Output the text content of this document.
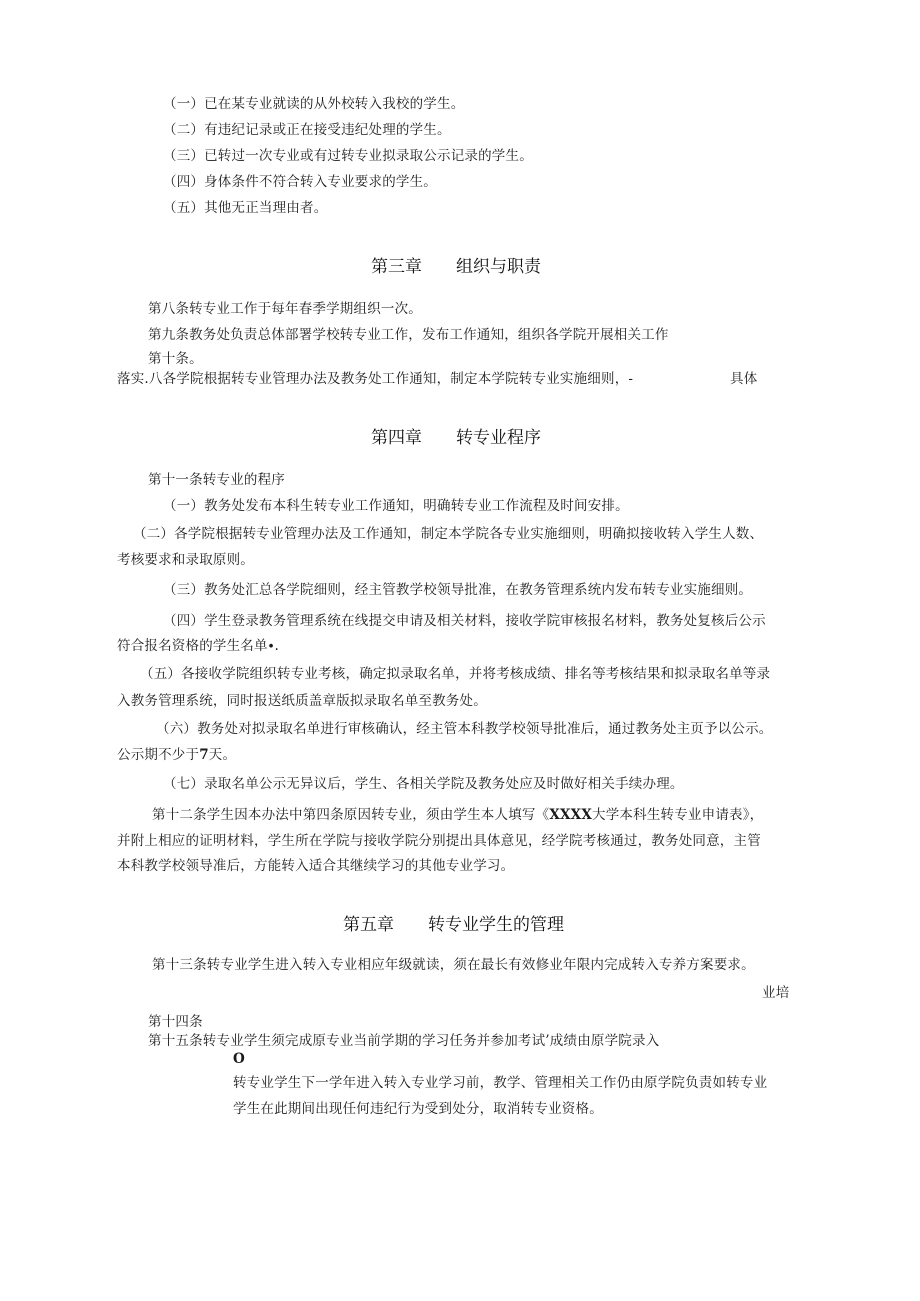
（一）已在某专业就读的从外校转入我校的学生。
（二）有违纪记录或正在接受违纪处理的学生。
（三）已转过一次专业或有过转专业拟录取公示记录的学生。
（四）身体条件不符合转入专业要求的学生。
（五）其他无正当理由者。
第三章 组织与职责
第八条转专业工作于每年春季学期组织一次。
第九条教务处负责总体部署学校转专业工作，发布工作通知，组织各学院开展相关工作
第十条。
落实.八各学院根据转专业管理办法及教务处工作通知，制定本学院转专业实施细则，-	具体
第四章 转专业程序
第十一条转专业的程序
（一）教务处发布本科生转专业工作通知，明确转专业工作流程及时间安排。
（二）各学院根据转专业管理办法及工作通知，制定本学院各专业实施细则，明确拟接收转入学生人数、
考核要求和录取原则。
（三）教务处汇总各学院细则，经主管教学校领导批准，在教务管理系统内发布转专业实施细则。
（四）学生登录教务管理系统在线提交申请及相关材料，接收学院审核报名材料，教务处复核后公示
符合报名资格的学生名单∙.
（五）各接收学院组织转专业考核，确定拟录取名单，并将考核成绩、排名等考核结果和拟录取名单等录
入教务管理系统，同时报送纸质盖章版拟录取名单至教务处。
（六）教务处对拟录取名单进行审核确认，经主管本科教学校领导批准后，通过教务处主页予以公示。
公示期不少于7天。
（七）录取名单公示无异议后，学生、各相关学院及教务处应及时做好相关手续办理。
第十二条学生因本办法中第四条原因转专业，须由学生本人填写《XXXX大学本科生转专业申请表》，
并附上相应的证明材料，学生所在学院与接收学院分别提出具体意见，经学院考核通过，教务处同意，主管
本科教学校领导准后，方能转入适合其继续学习的其他专业学习。
第五章 转专业学生的管理
第十三条转专业学生进入转入专业相应年级就读，须在最长有效修业年限内完成转入专养方案要求。
业培
第十四条
第十五条转专业学生须完成原专业当前学期的学习任务并参加考试’成绩由原学院录入
O
转专业学生下一学年进入转入专业学习前，教学、管理相关工作仍由原学院负责如转专业
学生在此期间出现任何违纪行为受到处分，取消转专业资格。
